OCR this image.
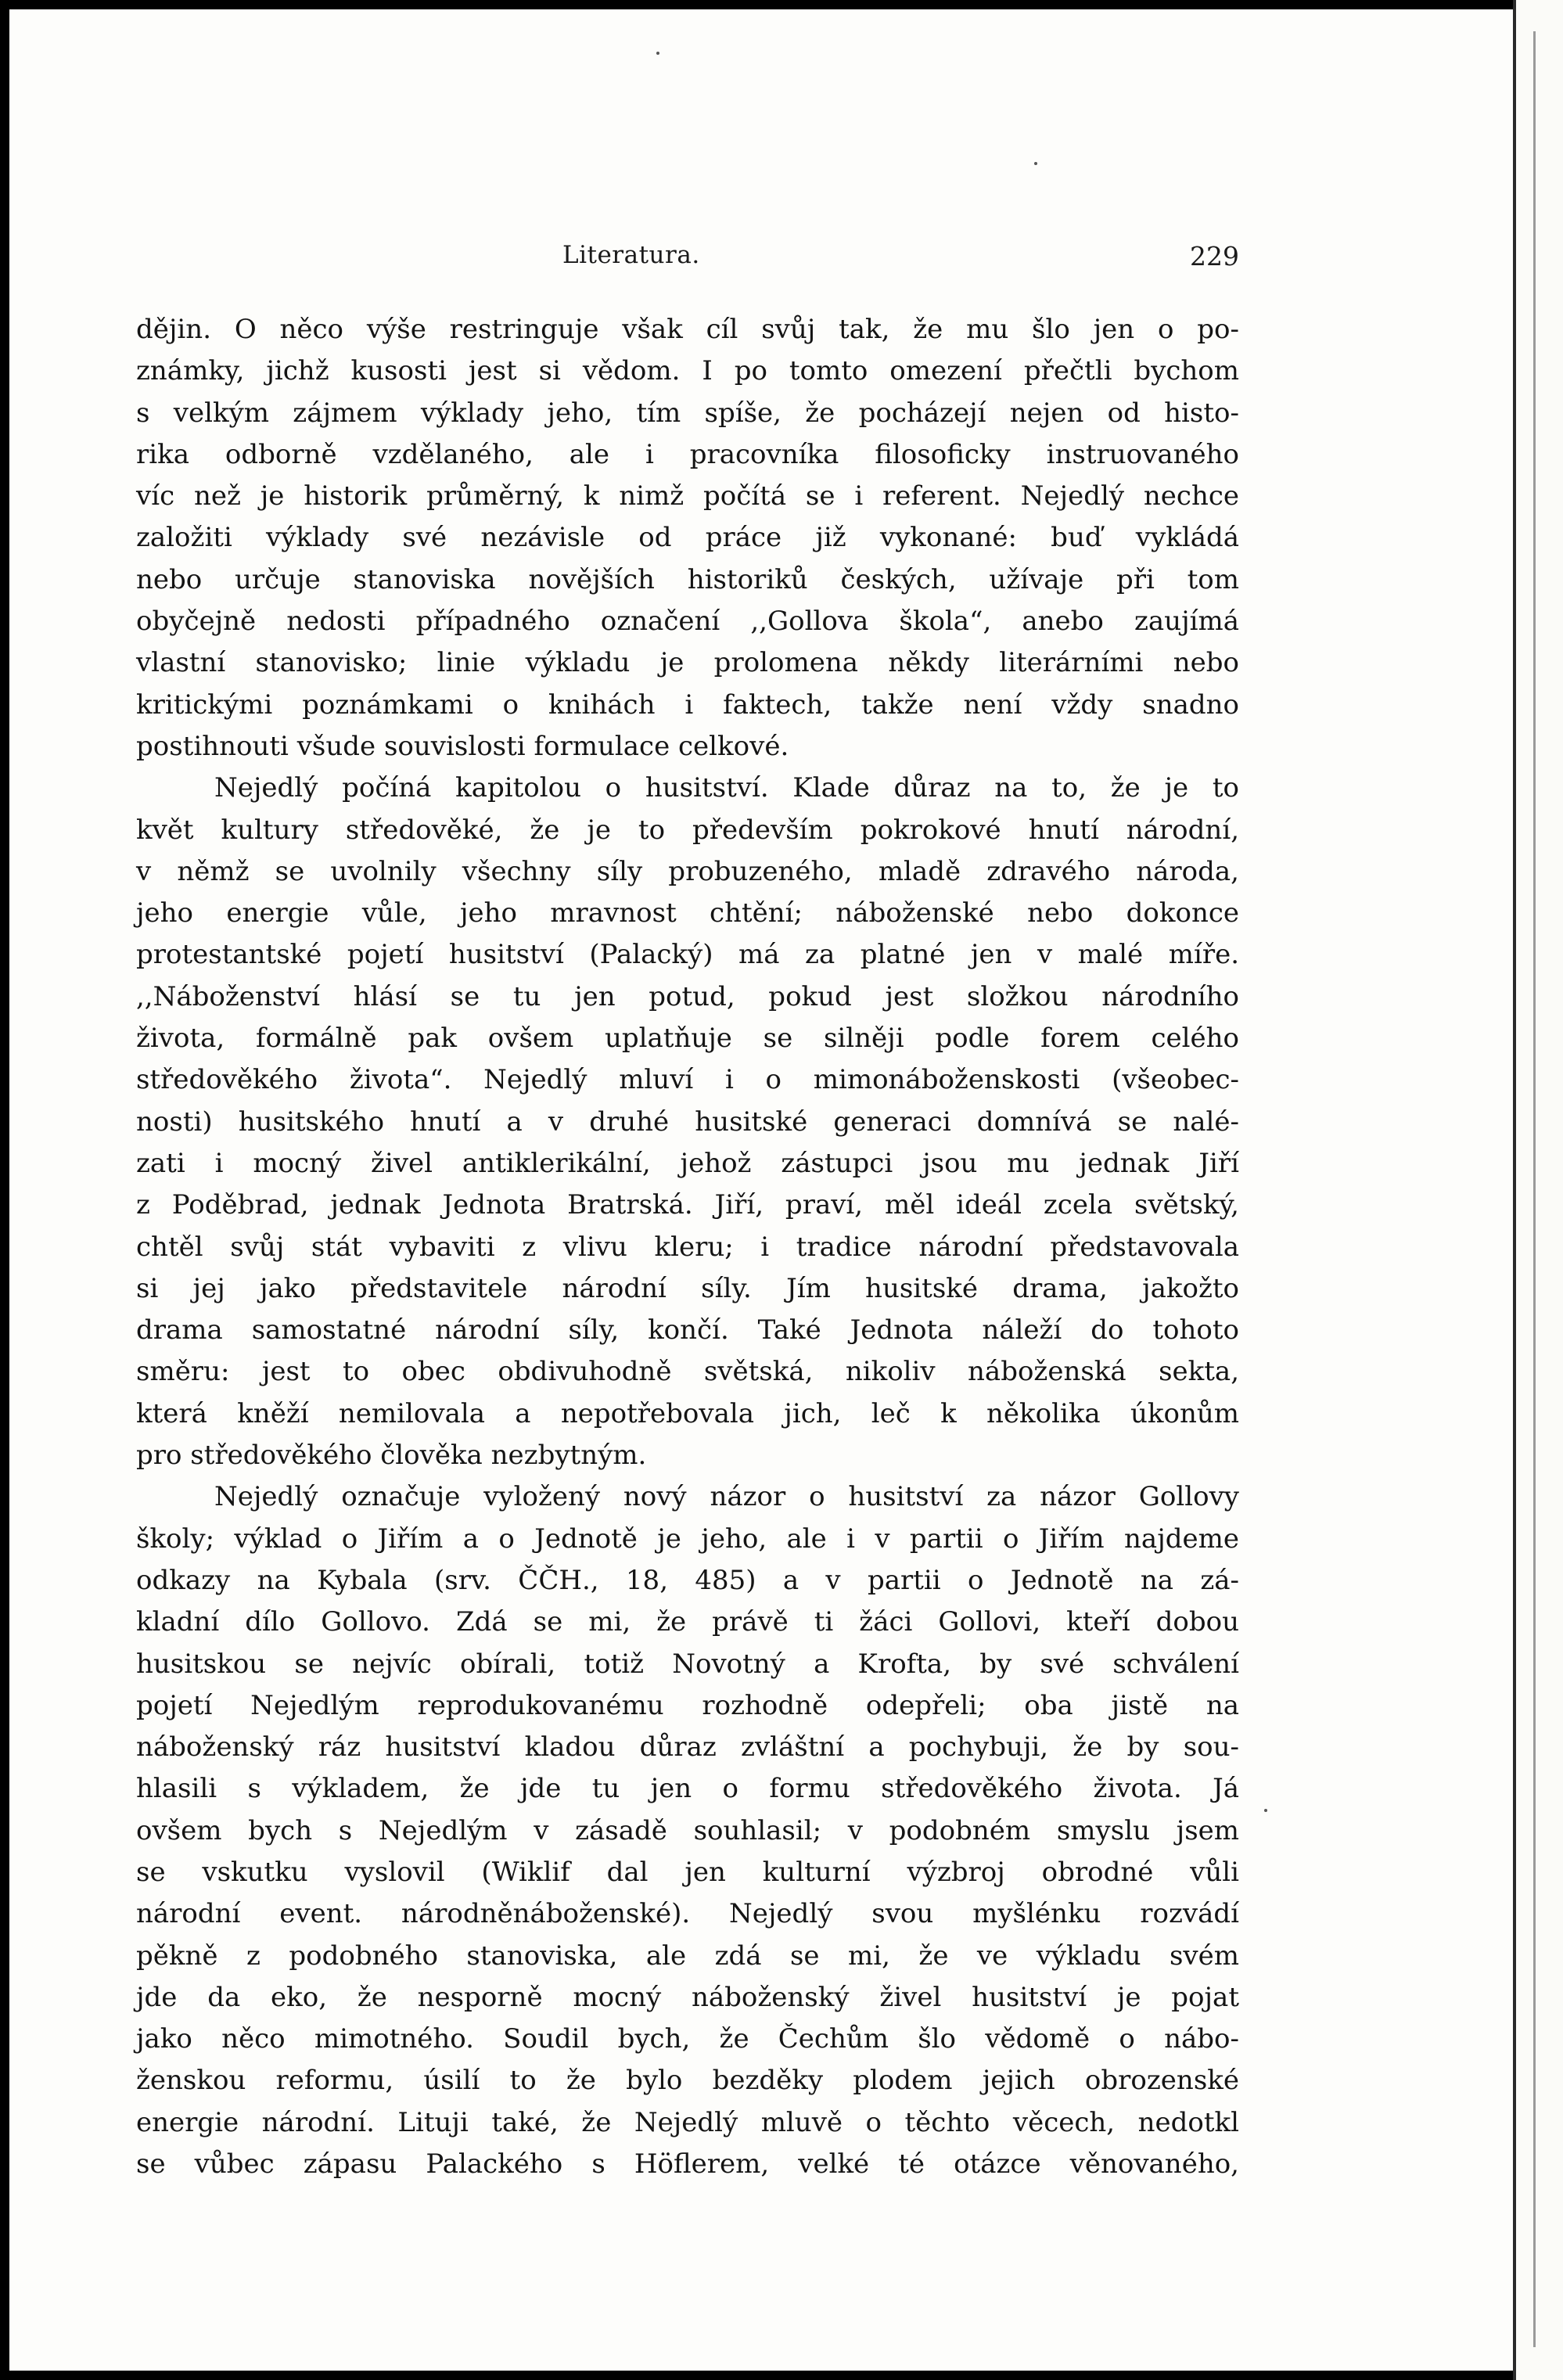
Literatura.	229
dějin. O něco výše restringuje však cíl svůj tak, že mu šlo jen o po-
známky, jichž kusosti jest si vědom. I po tomto omezení přečtli bychom
s velkým zájmem výklady jeho, tím spíše, že pocházejí nejen od histo-
rika odborně vzdělaného, ale i pracovníka filosoficky instruovaného
víc než je historik průměrný, k nimž počítá se i referent. Nejedlý nechce
založiti výklady své nezávisle od práce již vykonané: buď vykládá
nebo určuje stanoviska novějších historiků českých, užívaje při tom
obyčejně nedosti případného označení ,,Gollova škola“, anebo zaujímá
vlastní stanovisko; linie výkladu je prolomena někdy literárními nebo
kritickými poznámkami o knihách i faktech, takže není vždy snadno
postihnouti všude souvislosti formulace celkové.
Nejedlý počíná kapitolou o husitství. Klade důraz na to, že je to
květ kultury středověké, že je to především pokrokové hnutí národní,
v němž se uvolnily všechny síly probuzeného, mladě zdravého národa,
jeho energie vůle, jeho mravnost chtění; náboženské nebo dokonce
protestantské pojetí husitství (Palacký) má za platné jen v malé míře.
,,Náboženství hlásí se tu jen potud, pokud jest složkou národního
života, formálně pak ovšem uplatňuje se silněji podle forem celého
středověkého života“. Nejedlý mluví i o mimonáboženskosti (všeobec-
nosti) husitského hnutí a v druhé husitské generaci domnívá se nalé-
zati i mocný živel antiklerikální, jehož zástupci jsou mu jednak Jiří
z Poděbrad, jednak Jednota Bratrská. Jiří, praví, měl ideál zcela světský,
chtěl svůj stát vybaviti z vlivu kleru; i tradice národní představovala
si jej jako představitele národní síly. Jím husitské drama, jakožto
drama samostatné národní síly, končí. Také Jednota náleží do tohoto
směru: jest to obec obdivuhodně světská, nikoliv náboženská sekta,
která kněží nemilovala a nepotřebovala jich, leč k několika úkonům
pro středověkého člověka nezbytným.
Nejedlý označuje vyložený nový názor o husitství za názor Gollovy
školy; výklad o Jiřím a o Jednotě je jeho, ale i v partii o Jiřím najdeme
odkazy na Kybala (srv. ČČH., 18, 485) a v partii o Jednotě na zá-
kladní dílo Gollovo. Zdá se mi, že právě ti žáci Gollovi, kteří dobou
husitskou se nejvíc obírali, totiž Novotný a Krofta, by své schválení
pojetí Nejedlým reprodukovanému rozhodně odepřeli; oba jistě na
náboženský ráz husitství kladou důraz zvláštní a pochybuji, že by sou-
hlasili s výkladem, že jde tu jen o formu středověkého života. Já
ovšem bych s Nejedlým v zásadě souhlasil; v podobném smyslu jsem
se vskutku vyslovil (Wiklif dal jen kulturní výzbroj obrodné vůli
národní event. národněnáboženské). Nejedlý svou myšlénku rozvádí
pěkně z podobného stanoviska, ale zdá se mi, že ve výkladu svém
jde da eko, že nesporně mocný náboženský živel husitství je pojat
jako něco mimotného. Soudil bych, že Čechům šlo vědomě o nábo-
ženskou reformu, úsilí to že bylo bezděky plodem jejich obrozenské
energie národní. Lituji také, že Nejedlý mluvě o těchto věcech, nedotkl
se vůbec zápasu Palackého s Höflerem, velké té otázce věnovaného,
